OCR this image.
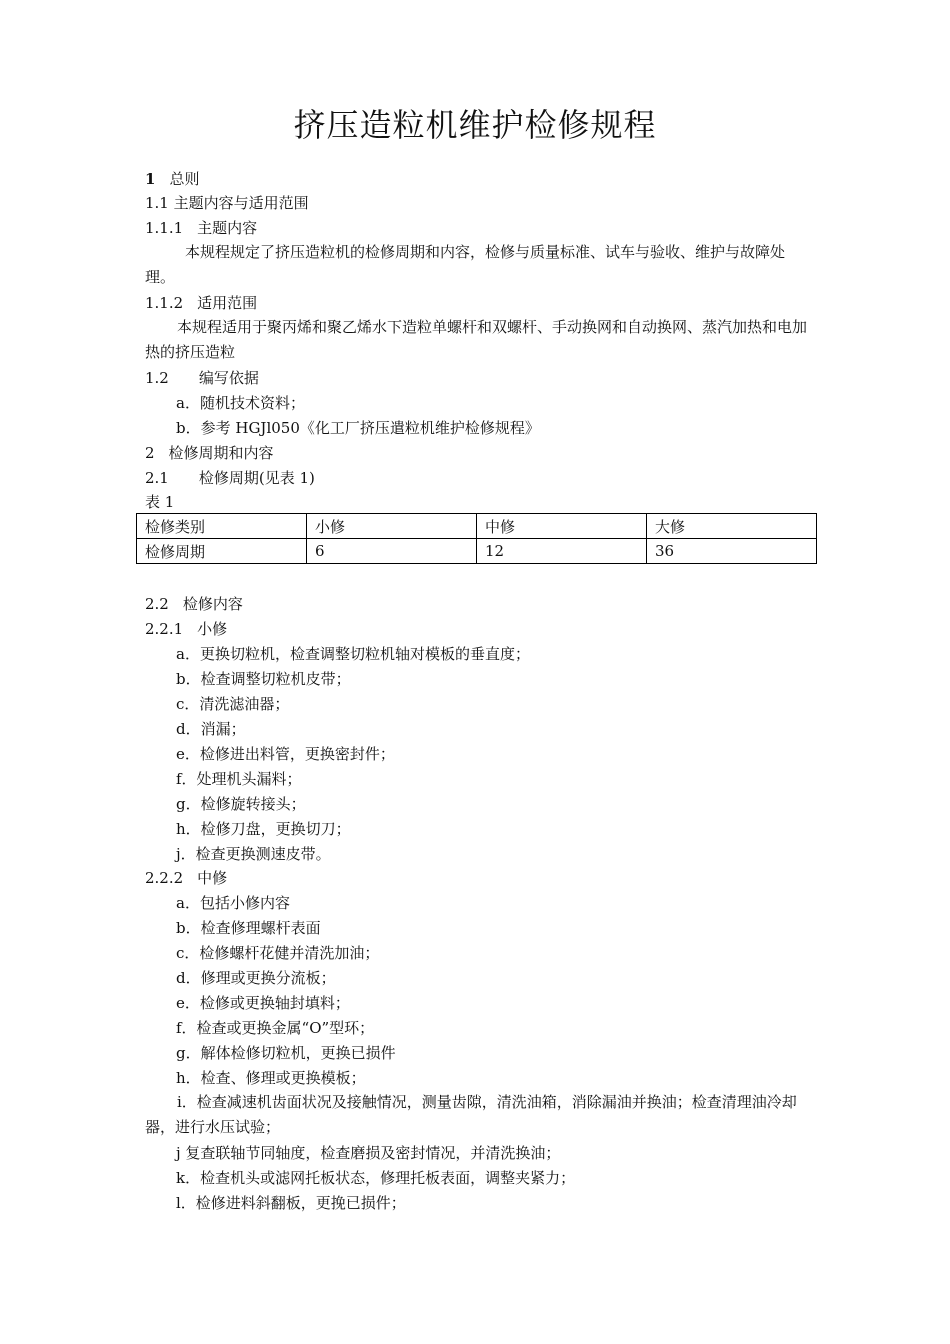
挤压造粒机维护检修规程
1 总则
1.1 主题内容与适用范围
1.1.1 主题内容
本规程规定了挤压造粒机的检修周期和内容，检修与质量标准、试车与验收、维护与故障处理。
1.1.2 适用范围
本规程适用于聚丙烯和聚乙烯水下造粒单螺杆和双螺杆、手动换网和自动换网、蒸汽加热和电加热的挤压造粒
1.2 编写依据
a．随机技术资料；
b．参考 HGJl050《化工厂挤压遣粒机维护检修规程》
2 检修周期和内容
2.1 检修周期(见表 1)
表 1
检修类别	小修	中修	大修
检修周期	6	12	36
2.2 检修内容
2.2.1 小修
a．更换切粒机，检查调整切粒机轴对模板的垂直度；
b．检查调整切粒机皮带；
c．清洗滤油器；
d．消漏；
e．检修进出料管，更换密封件；
f．处理机头漏料；
g．检修旋转接头；
h．检修刀盘，更换切刀；
j．检查更换测速皮带。
2.2.2 中修
a．包括小修内容
b．检查修理螺杆表面
c．检修螺杆花健并清洗加油；
d．修理或更换分流板；
e．检修或更换轴封填料；
f．检查或更换金属“O”型环；
g．解体检修切粒机，更换已损件
h．检查、修理或更换模板；
i．检查减速机齿面状况及接触情况，测量齿隙，清洗油箱，消除漏油并换油；检查清理油冷却器，进行水压试验；
j 复查联轴节同轴度，检查磨损及密封情况，并清洗换油；
k．检查机头或滤网托板状态，修理托板表面，调整夹紧力；
l．检修进料斜翻板，更挽已损件；
